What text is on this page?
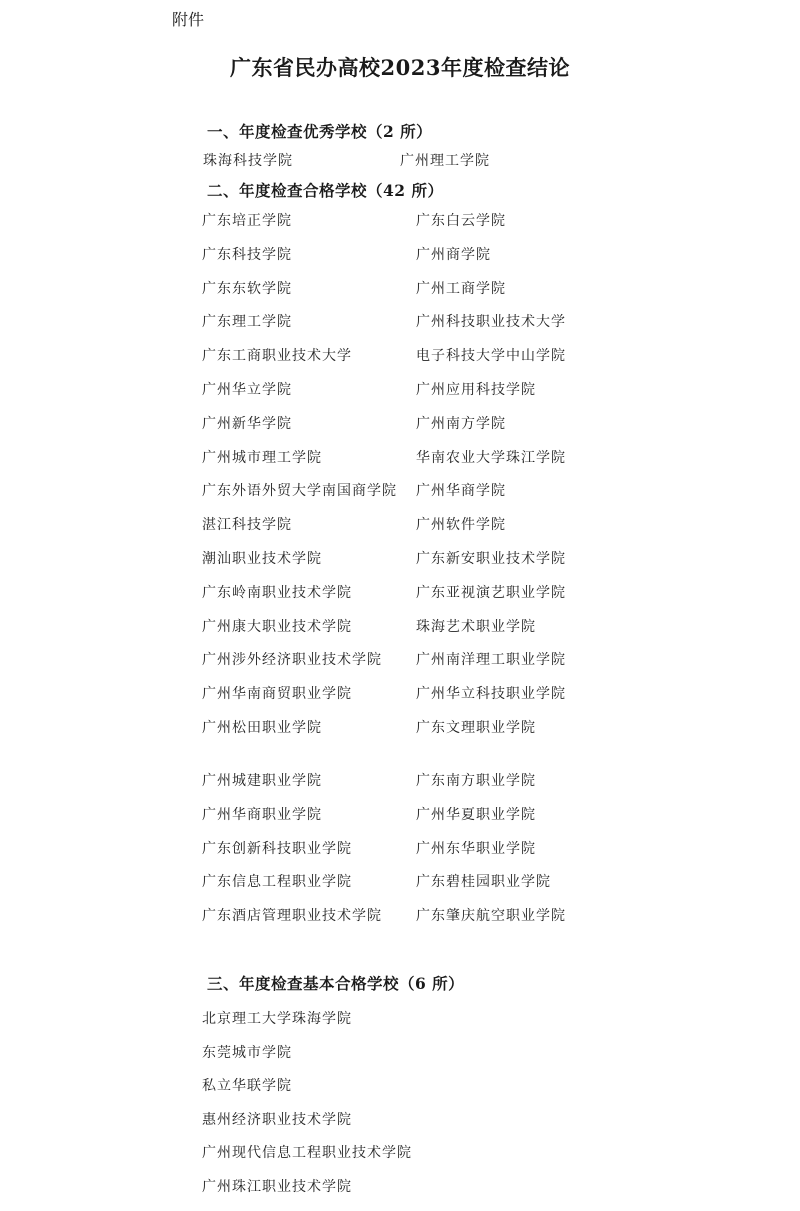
附件
广东省民办高校2023年度检查结论
一、年度检查优秀学校（2 所）
珠海科技学院	广州理工学院
二、年度检查合格学校（42 所）
广东培正学院	广东白云学院
广东科技学院	广州商学院
广东东软学院	广州工商学院
广东理工学院	广州科技职业技术大学
广东工商职业技术大学	电子科技大学中山学院
广州华立学院	广州应用科技学院
广州新华学院	广州南方学院
广州城市理工学院	华南农业大学珠江学院
广东外语外贸大学南国商学院 广州华商学院
湛江科技学院	广州软件学院
潮汕职业技术学院	广东新安职业技术学院
广东岭南职业技术学院	广东亚视演艺职业学院
广州康大职业技术学院	珠海艺术职业学院
广州涉外经济职业技术学院 广州南洋理工职业学院
广州华南商贸职业学院	广州华立科技职业学院
广州松田职业学院	广东文理职业学院
广州城建职业学院	广东南方职业学院
广州华商职业学院	广州华夏职业学院
广东创新科技职业学院	广州东华职业学院
广东信息工程职业学院	广东碧桂园职业学院
广东酒店管理职业技术学院 广东肇庆航空职业学院
三、年度检查基本合格学校（6 所）
北京理工大学珠海学院
东莞城市学院
私立华联学院
惠州经济职业技术学院
广州现代信息工程职业技术学院
广州珠江职业技术学院
